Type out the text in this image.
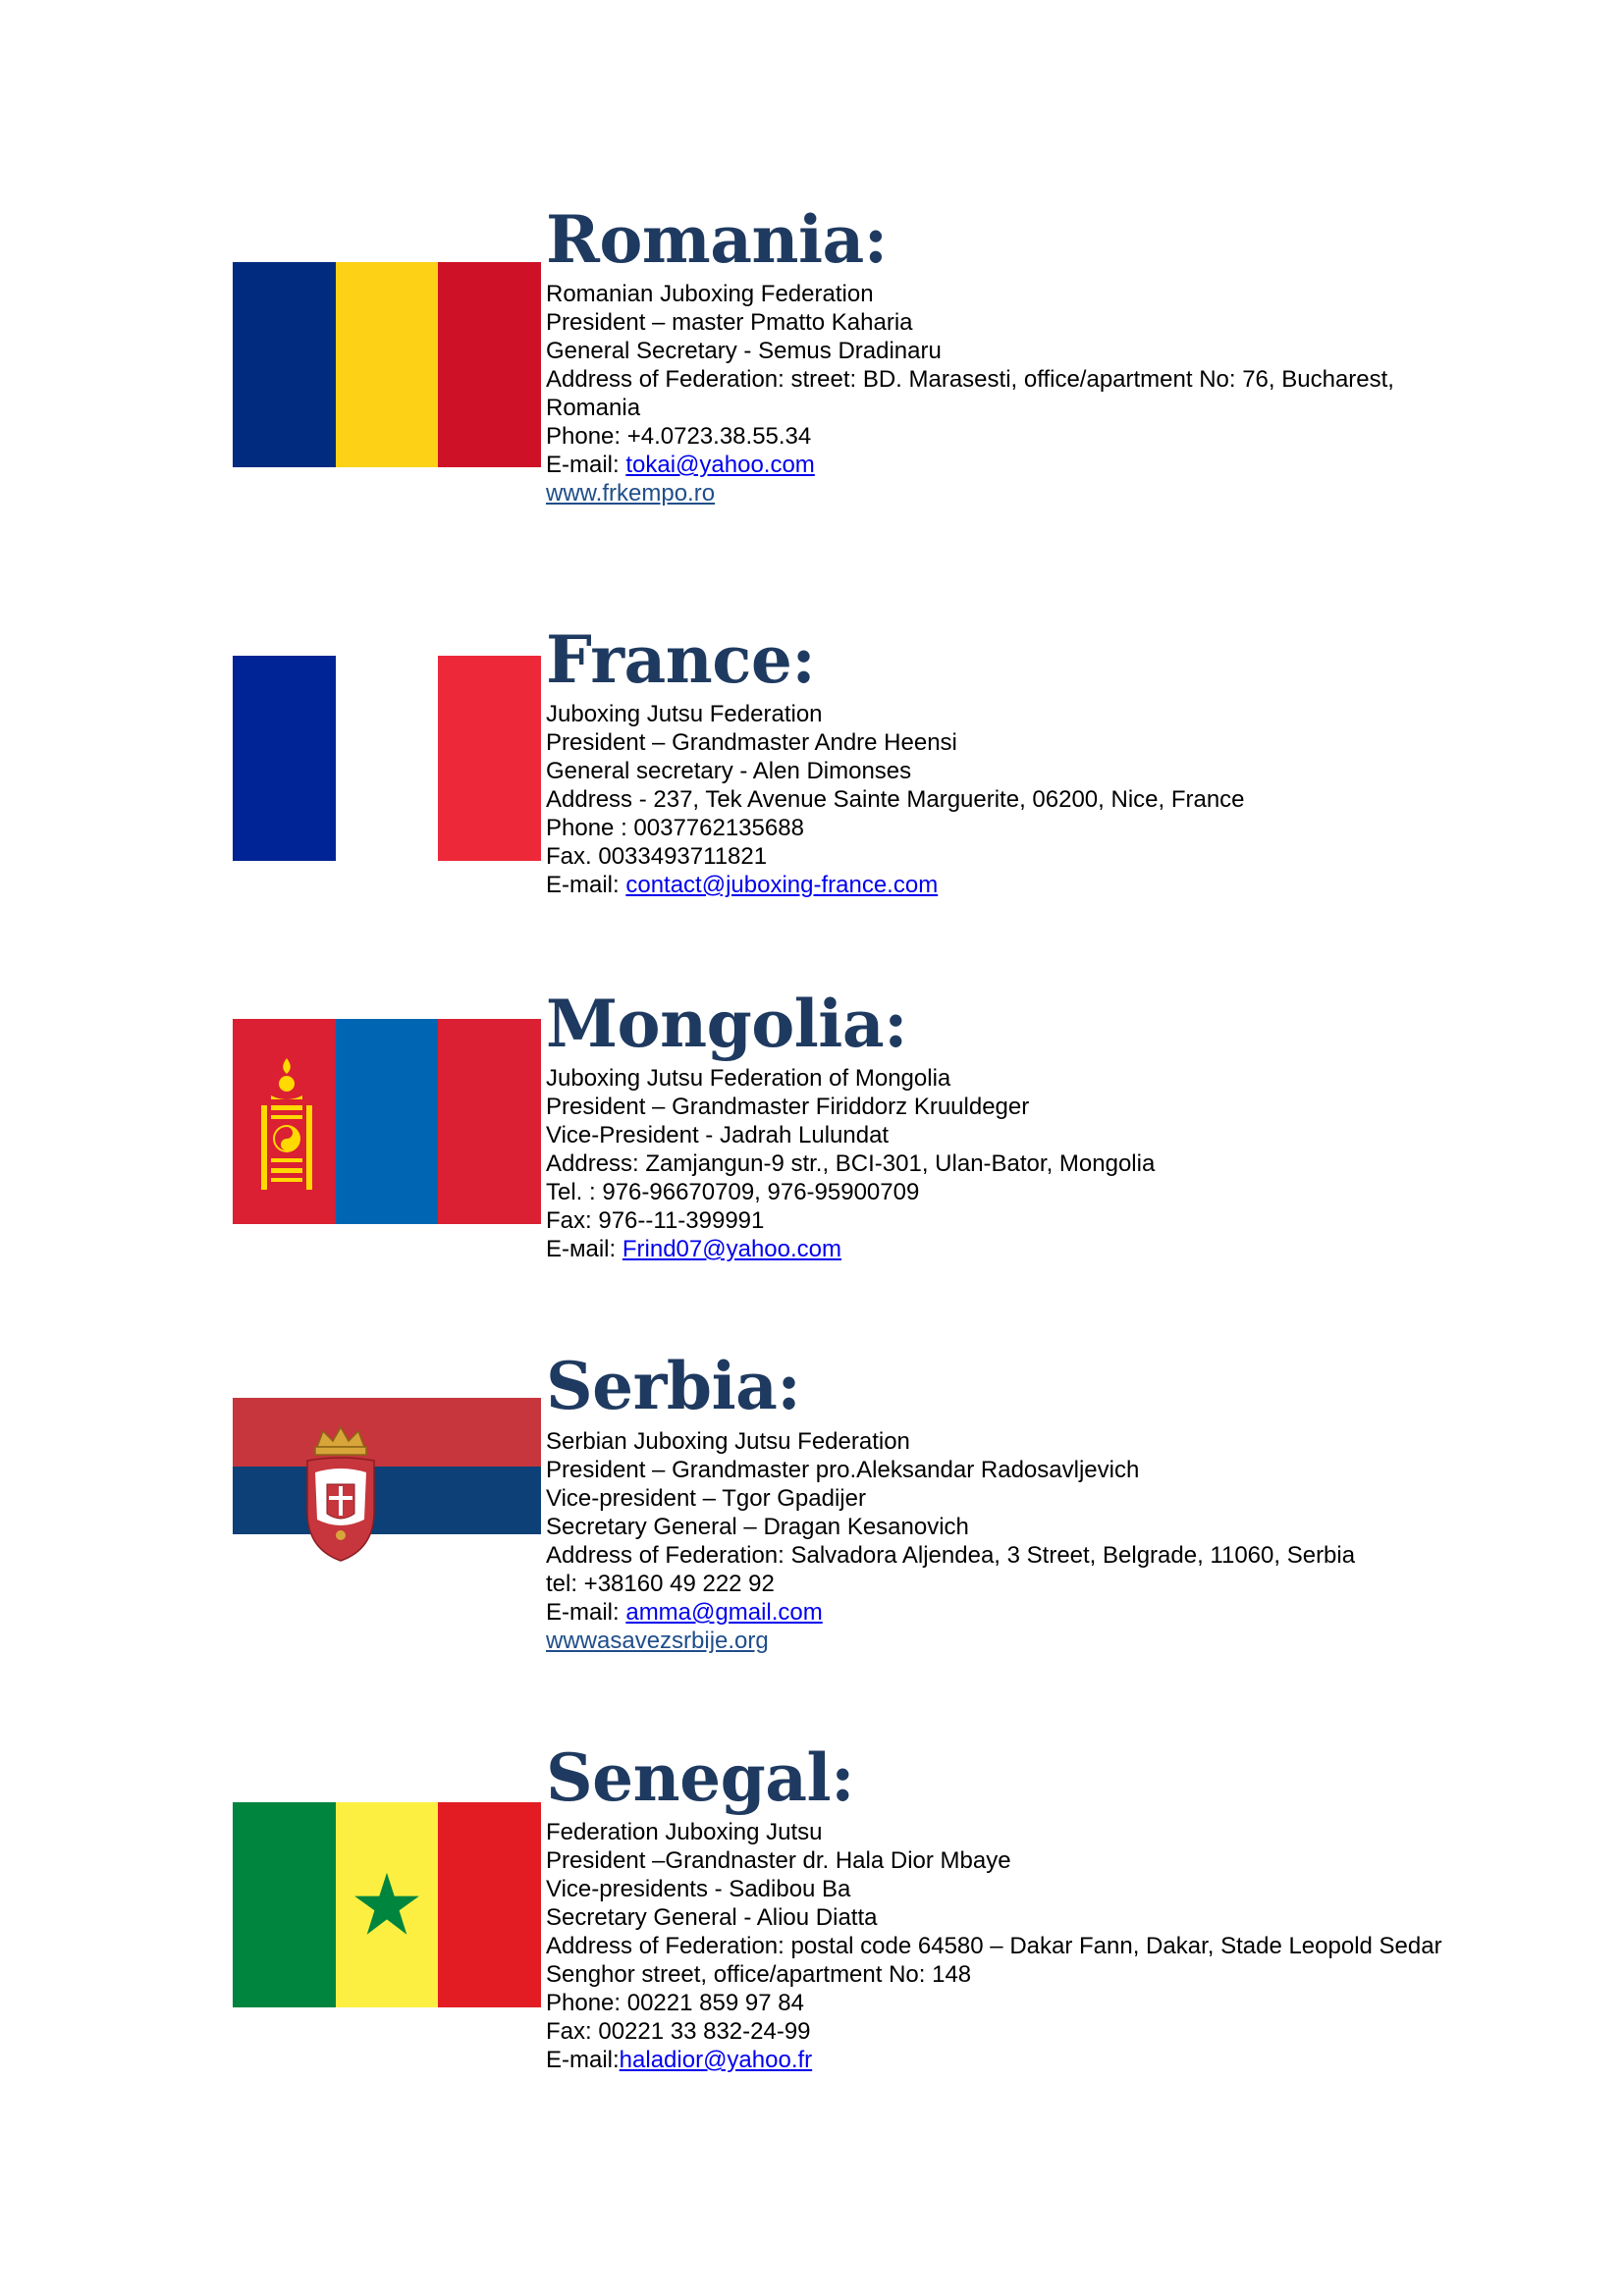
Romania:
Romanian Juboxing Federation
President – master Pmatto Kaharia
General Secretary - Semus Dradinaru
Address of Federation: street: BD. Marasesti, office/apartment No: 76, Bucharest, Romania
Phone: +4.0723.38.55.34
E-mail: tokai@yahoo.com
www.frkempo.ro
France:
Juboxing Jutsu Federation
President – Grandmaster Andre Heensi
General secretary - Alen Dimonses
Address - 237, Tek Avenue Sainte Marguerite, 06200, Nice, France
Phone : 0037762135688
Fax. 0033493711821
E-mail: contact@juboxing-france.com
Mongolia:
Juboxing Jutsu Federation of Mongolia
President – Grandmaster Firiddorz Kruuldeger
Vice-President - Jadrah Lulundat
Address: Zamjangun-9 str., BCI-301, Ulan-Bator, Mongolia
Tel. : 976-96670709, 976-95900709
Fax: 976--11-399991
E-мail: Frind07@yahoo.com
Serbia:
Serbian Juboxing Jutsu Federation
President – Grandmaster pro.Aleksandar Radosavljevich
Vice-president – Tgor Gpadijer
Secretary General – Dragan Kesanovich
Address of Federation: Salvadora Aljendea, 3 Street, Belgrade, 11060, Serbia
tel: +38160 49 222 92
E-mail: amma@gmail.com
wwwasavezsrbije.org
Senegal:
Federation Juboxing Jutsu
President –Grandnaster dr. Hala Dior Mbaye
Vice-presidents - Sadibou Ba
Secretary General - Aliou Diatta
Address of Federation: postal code 64580 – Dakar Fann, Dakar, Stade Leopold Sedar Senghor street, office/apartment No: 148
Phone: 00221 859 97 84
Fax: 00221 33 832-24-99
E-mail:haladior@yahoo.fr
